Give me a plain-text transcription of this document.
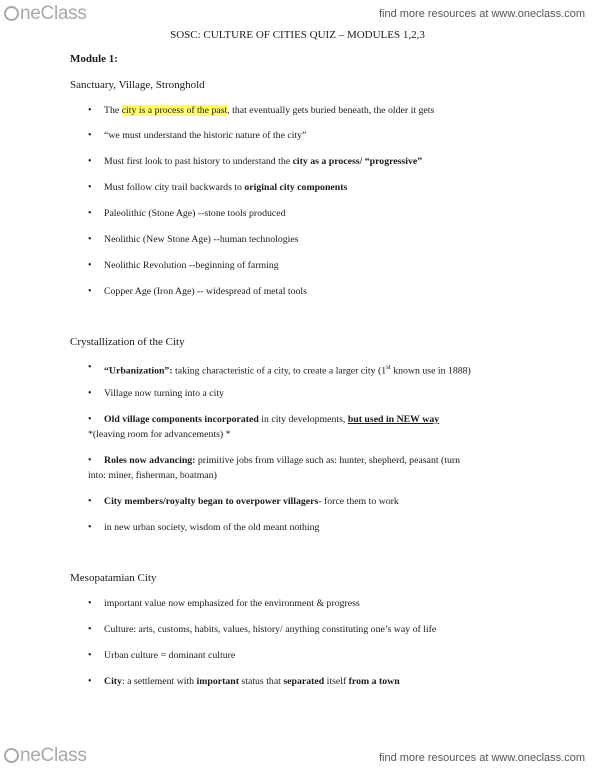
neClass	find more resources at www.oneclass.com
neClass	find more resources at www.oneclass.com
SOSC: CULTURE OF CITIES QUIZ – MODULES 1,2,3
Module 1:
Sanctuary, Village, Stronghold
• The city is a process of the past, that eventually gets buried beneath, the older it gets
• “we must understand the historic nature of the city”
• Must first look to past history to understand the city as a process/ “progressive”
• Must follow city trail backwards to original city components
• Paleolithic (Stone Age) --stone tools produced
• Neolithic (New Stone Age) --human technologies
• Neolithic Revolution --beginning of farming
• Copper Age (Iron Age) -- widespread of metal tools
Crystallization of the City
• “Urbanization”: taking characteristic of a city, to create a larger city (1st known use in 1888)
• Village now turning into a city
• Old village components incorporated in city developments, but used in NEW way
*(leaving room for advancements) *
• Roles now advancing: primitive jobs from village such as: hunter, shepherd, peasant (turn
into: miner, fisherman, boatman)
• City members/royalty began to overpower villagers- force them to work
• in new urban society, wisdom of the old meant nothing
Mesopatamian City
• important value now emphasized for the environment & progress
• Culture: arts, customs, habits, values, history/ anything constituting one’s way of life
• Urban culture = dominant culture
• City: a settlement with important status that separated itself from a town
